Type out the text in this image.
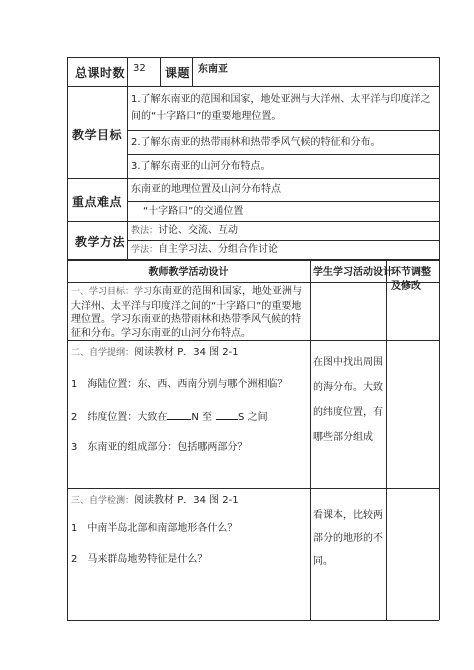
总课时数 32 课题 东南亚
教学目标
1.了解东南亚的范围和国家，地处亚洲与大洋州、太平洋与印度洋之间的“十字路口”的重要地理位置。
2.了解东南亚的热带雨林和热带季风气候的特征和分布。
3.了解东南亚的山河分布特点。
重点难点
东南亚的地理位置及山河分布特点
“十字路口”的交通位置
教学方法
教法：讨论、交流、互动
学法：自主学习法、分组合作讨论
教师教学活动设计	学生学习活动设计
环节调整及修改
一、学习目标：学习东南亚的范围和国家，地处亚洲与大洋州、太平洋与印度洋之间的“十字路口”的重要地理位置。学习东南亚的热带雨林和热带季风气候的特征和分布。学习东南亚的山河分布特点。
二、自学提纲：阅读教材 P．34 图 2-1
1　海陆位置：东、西、西南分别与哪个洲相临？
2　纬度位置：大致在 N 至	S 之间
3　东南亚的组成部分：包括哪两部分？
在图中找出周围的海分布。大致的纬度位置，有哪些部分组成
三、自学检测：阅读教材 P．34 图 2-1
1　中南半岛北部和南部地形各什么？
2　马来群岛地势特征是什么？
看课本，比较两部分的地形的不同。
